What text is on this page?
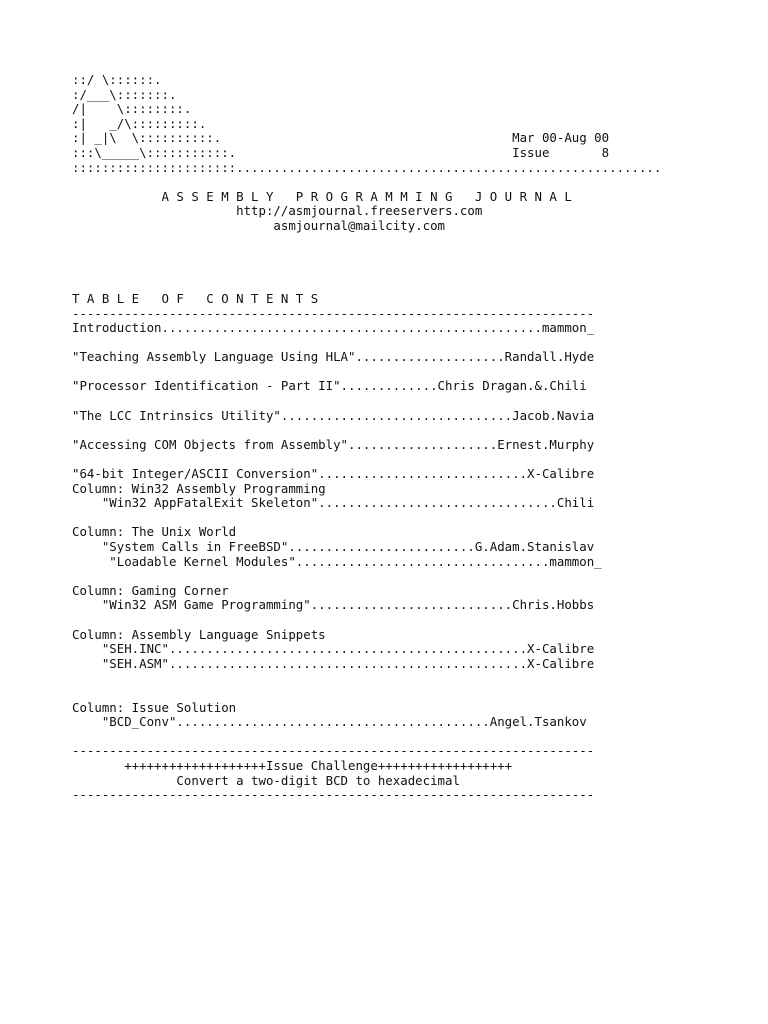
::/ \::::::.
:/___\:::::::.
/|    \::::::::.
:|   _/\:::::::::.
:| _|\  \::::::::::.                                       Mar 00-Aug 00
:::\_____\:::::::::::.                                     Issue       8
::::::::::::::::::::::.........................................................
A S S E M B L Y   P R O G R A M M I N G   J O U R N A L
http://asmjournal.freeservers.com
asmjournal@mailcity.com
T A B L E   O F   C O N T E N T S
----------------------------------------------------------------------
Introduction...................................................mammon_
"Teaching Assembly Language Using HLA"....................Randall.Hyde
"Processor Identification - Part II".............Chris Dragan.&.Chili
"The LCC Intrinsics Utility"...............................Jacob.Navia
"Accessing COM Objects from Assembly"....................Ernest.Murphy
"64-bit Integer/ASCII Conversion"............................X-Calibre
Column: Win32 Assembly Programming
"Win32 AppFatalExit Skeleton"................................Chili
Column: The Unix World
"System Calls in FreeBSD".........................G.Adam.Stanislav
"Loadable Kernel Modules"..................................mammon_
Column: Gaming Corner
"Win32 ASM Game Programming"...........................Chris.Hobbs
Column: Assembly Language Snippets
"SEH.INC"................................................X-Calibre
"SEH.ASM"................................................X-Calibre
Column: Issue Solution
"BCD_Conv"..........................................Angel.Tsankov
----------------------------------------------------------------------
+++++++++++++++++++Issue Challenge++++++++++++++++++
Convert a two-digit BCD to hexadecimal
----------------------------------------------------------------------
